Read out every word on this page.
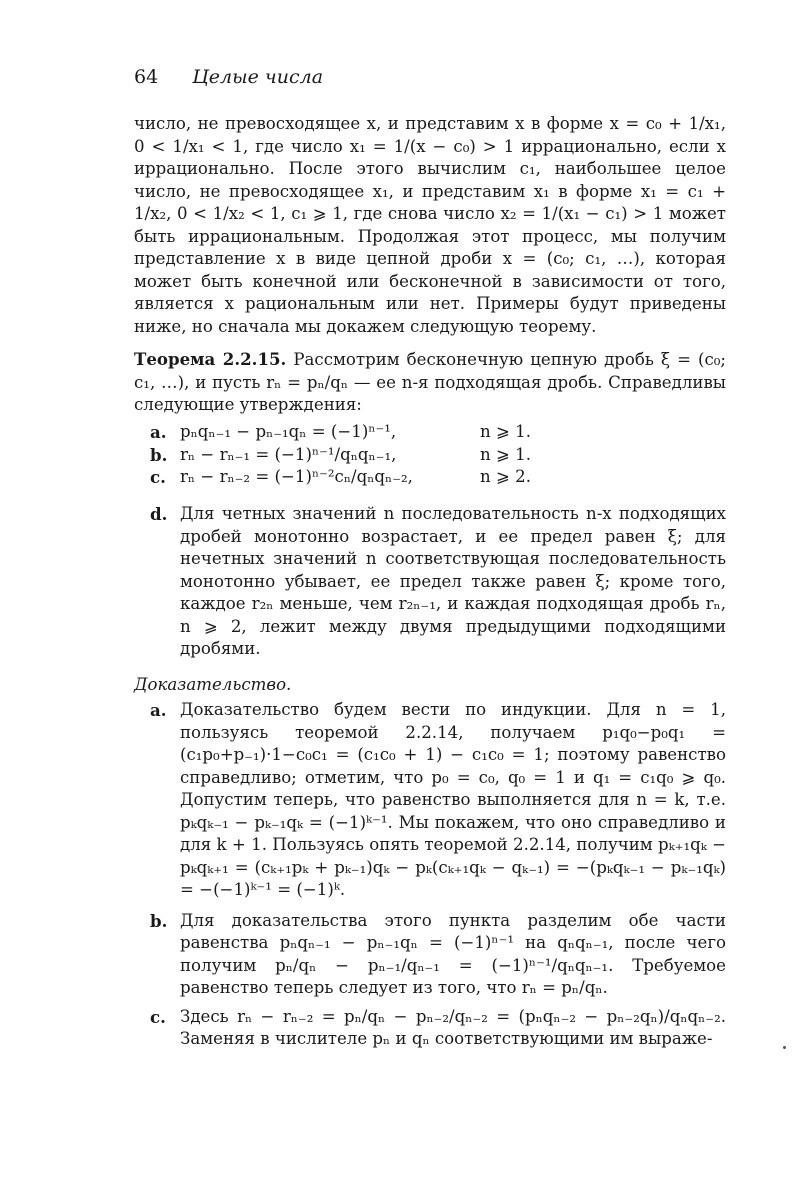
64 Целые числа
число, не превосходящее x, и представим x в форме x = c₀ + 1/x₁, 0 < 1/x₁ < 1, где число x₁ = 1/(x − c₀) > 1 иррационально, если x иррационально. После этого вычислим c₁, наибольшее целое число, не превосходящее x₁, и представим x₁ в форме x₁ = c₁ + 1/x₂, 0 < 1/x₂ < 1, c₁ ⩾ 1, где снова число x₂ = 1/(x₁ − c₁) > 1 может быть иррациональным. Продолжая этот процесс, мы получим представление x в виде цепной дроби x = (c₀; c₁, …), которая может быть конечной или бесконечной в зависимости от того, является x рациональным или нет. Примеры будут приведены ниже, но сначала мы докажем следующую теорему.
Теорема 2.2.15. Рассмотрим бесконечную цепную дробь ξ = (c₀; c₁, …), и пусть rₙ = pₙ/qₙ — ее n-я подходящая дробь. Справедливы следующие утверждения:
a. pₙqₙ₋₁ − pₙ₋₁qₙ = (−1)ⁿ⁻¹,	n ⩾ 1.
b. rₙ − rₙ₋₁ = (−1)ⁿ⁻¹/qₙqₙ₋₁,	n ⩾ 1.
c. rₙ − rₙ₋₂ = (−1)ⁿ⁻²cₙ/qₙqₙ₋₂,	n ⩾ 2.
d. Для четных значений n последовательность n-х подходящих дробей монотонно возрастает, и ее предел равен ξ; для нечетных значений n соответствующая последовательность монотонно убывает, ее предел также равен ξ; кроме того, каждое r₂ₙ меньше, чем r₂ₙ₋₁, и каждая подходящая дробь rₙ, n ⩾ 2, лежит между двумя предыдущими подходящими дробями.
Доказательство.
a. Доказательство будем вести по индукции. Для n = 1, пользуясь теоремой 2.2.14, получаем p₁q₀−p₀q₁ = (c₁p₀+p₋₁)·1−c₀c₁ = (c₁c₀ + 1) − c₁c₀ = 1; поэтому равенство справедливо; отметим, что p₀ = c₀, q₀ = 1 и q₁ = c₁q₀ ⩾ q₀. Допустим теперь, что равенство выполняется для n = k, т.е. pₖqₖ₋₁ − pₖ₋₁qₖ = (−1)ᵏ⁻¹. Мы покажем, что оно справедливо и для k + 1. Пользуясь опять теоремой 2.2.14, получим pₖ₊₁qₖ − pₖqₖ₊₁ = (cₖ₊₁pₖ + pₖ₋₁)qₖ − pₖ(cₖ₊₁qₖ − qₖ₋₁) = −(pₖqₖ₋₁ − pₖ₋₁qₖ) = −(−1)ᵏ⁻¹ = (−1)ᵏ.
b. Для доказательства этого пункта разделим обе части равенства pₙqₙ₋₁ − pₙ₋₁qₙ = (−1)ⁿ⁻¹ на qₙqₙ₋₁, после чего получим pₙ/qₙ − pₙ₋₁/qₙ₋₁ = (−1)ⁿ⁻¹/qₙqₙ₋₁. Требуемое равенство теперь следует из того, что rₙ = pₙ/qₙ.
c. Здесь rₙ − rₙ₋₂ = pₙ/qₙ − pₙ₋₂/qₙ₋₂ = (pₙqₙ₋₂ − pₙ₋₂qₙ)/qₙqₙ₋₂. Заменяя в числителе pₙ и qₙ соответствующими им выраже-
